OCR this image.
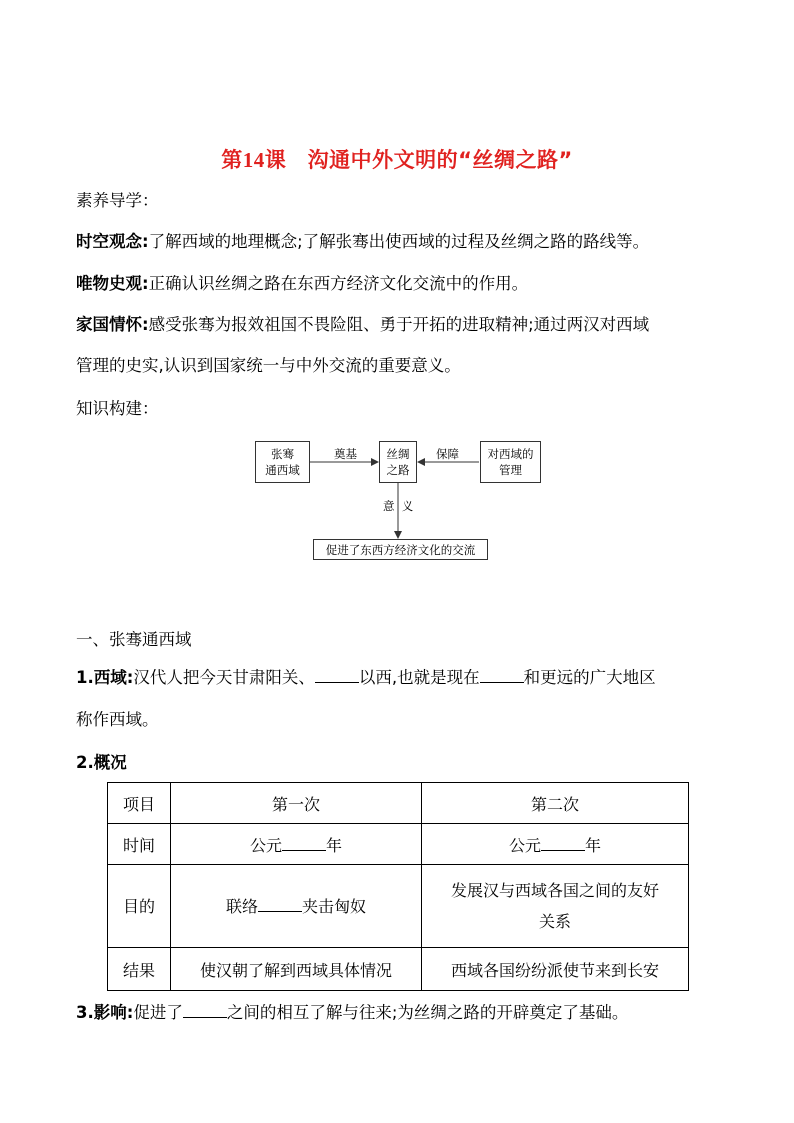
第14课　沟通中外文明的“丝绸之路”
素养导学：
时空观念:了解西域的地理概念;了解张骞出使西域的过程及丝绸之路的路线等。
唯物史观:正确认识丝绸之路在东西方经济文化交流中的作用。
家国情怀:感受张骞为报效祖国不畏险阻、勇于开拓的进取精神;通过两汉对西域
管理的史实,认识到国家统一与中外交流的重要意义。
知识构建：
张骞
通西域
丝绸
之路
对西域的
管理
促进了东西方经济文化的交流
奠基	保障
意  义
一、张骞通西域
1.西域:汉代人把今天甘肃阳关、	以西,也就是现在	和更远的广大地区
称作西域。
2.概况
项目	第一次	第二次
时间	公元 年	公元 年
目的	联络 夹击匈奴	发展汉与西域各国之间的友好
关系

结果	使汉朝了解到西域具体情况	西域各国纷纷派使节来到长安
3.影响:促进了	之间的相互了解与往来;为丝绸之路的开辟奠定了基础。
